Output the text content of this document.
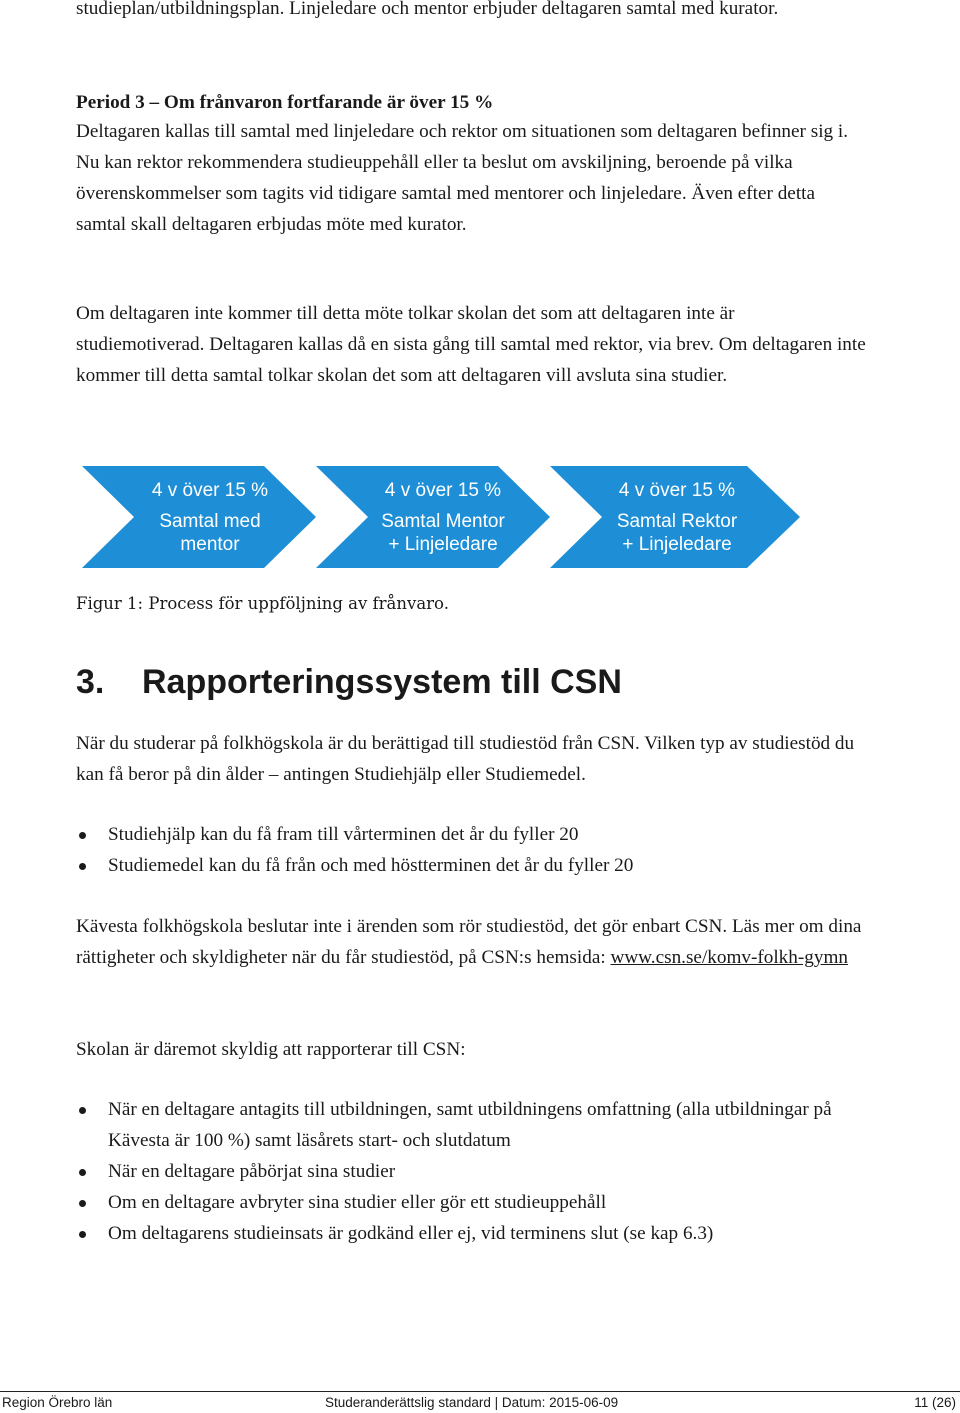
studieplan/utbildningsplan. Linjeledare och mentor erbjuder deltagaren samtal med kurator.

Period 3 – Om frånvaron fortfarande är över 15 %

Deltagaren kallas till samtal med linjeledare och rektor om situationen som deltagaren befinner sig i. Nu kan rektor rekommendera studieuppehåll eller ta beslut om avskiljning, beroende på vilka överenskommelser som tagits vid tidigare samtal med mentorer och linjeledare. Även efter detta samtal skall deltagaren erbjudas möte med kurator.

Om deltagaren inte kommer till detta möte tolkar skolan det som att deltagaren inte är studiemotiverad. Deltagaren kallas då en sista gång till samtal med rektor, via brev. Om deltagaren inte kommer till detta samtal tolkar skolan det som att deltagaren vill avsluta sina studier.

4 v över 15 %
Samtal med
mentor
4 v över 15 %
Samtal Mentor
+ Linjeledare
4 v över 15 %
Samtal Rektor
+ Linjeledare

Figur 1: Process för uppföljning av frånvaro.

3. Rapporteringssystem till CSN

När du studerar på folkhögskola är du berättigad till studiestöd från CSN. Vilken typ av studiestöd du kan få beror på din ålder – antingen Studiehjälp eller Studiemedel.

Studiehjälp kan du få fram till vårterminen det år du fyller 20
Studiemedel kan du få från och med höstterminen det år du fyller 20

Kävesta folkhögskola beslutar inte i ärenden som rör studiestöd, det gör enbart CSN. Läs mer om dina rättigheter och skyldigheter när du får studiestöd, på CSN:s hemsida: www.csn.se/komv-folkh-gymn

Skolan är däremot skyldig att rapporterar till CSN:

När en deltagare antagits till utbildningen, samt utbildningens omfattning (alla utbildningar på Kävesta är 100 %) samt läsårets start- och slutdatum
När en deltagare påbörjat sina studier
Om en deltagare avbryter sina studier eller gör ett studieuppehåll
Om deltagarens studieinsats är godkänd eller ej, vid terminens slut (se kap 6.3)
Region Örebro län	Studeranderättslig standard | Datum: 2015-06-09	11 (26)
